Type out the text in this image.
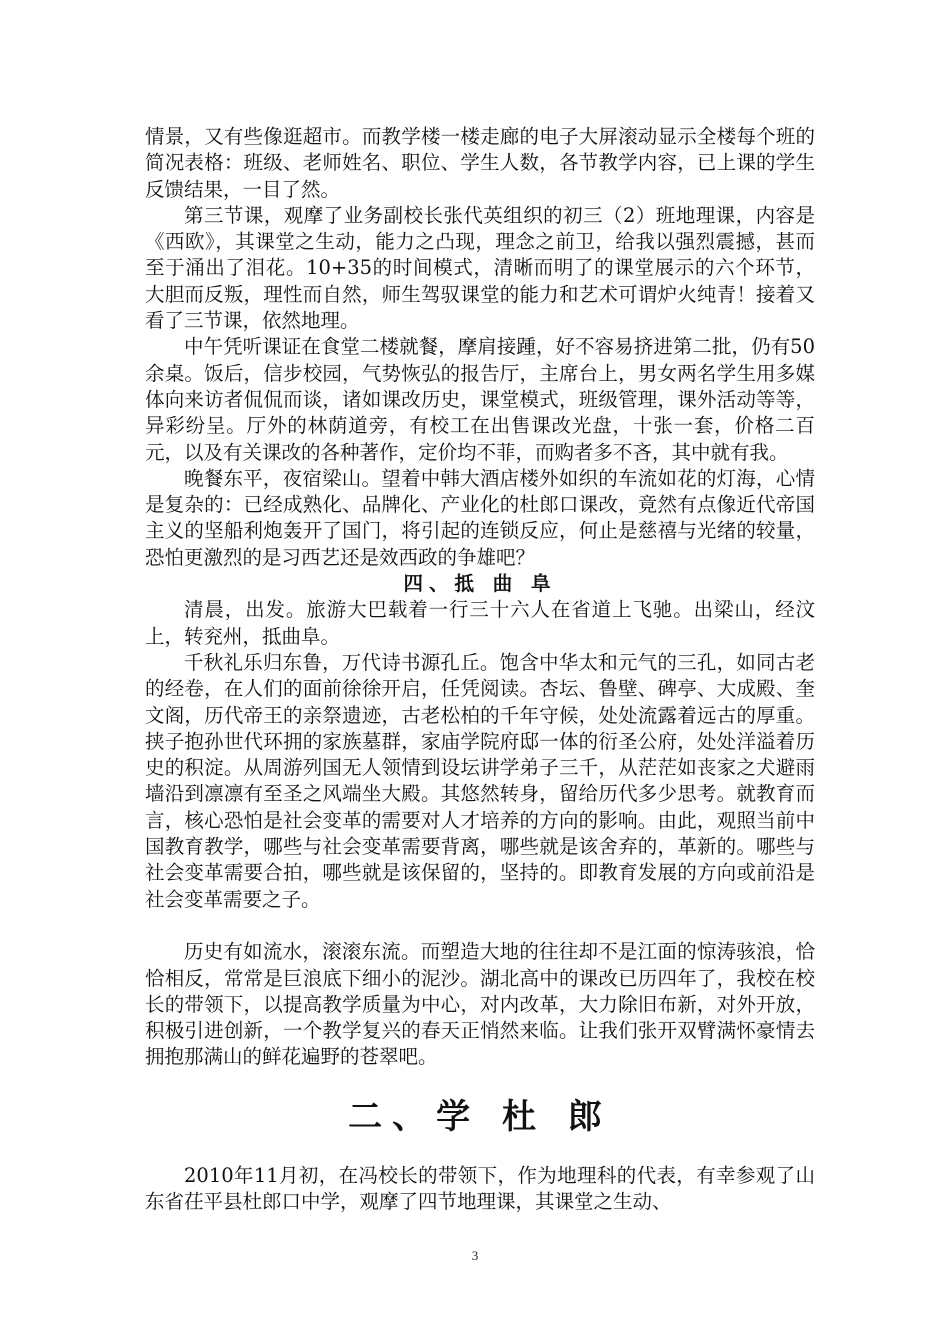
情景，又有些像逛超市。而教学楼一楼走廊的电子大屏滚动显示全楼每个班的简况表格：班级、老师姓名、职位、学生人数，各节教学内容，已上课的学生反馈结果，一目了然。

第三节课，观摩了业务副校长张代英组织的初三（2）班地理课，内容是《西欧》，其课堂之生动，能力之凸现，理念之前卫，给我以强烈震撼，甚而至于涌出了泪花。10+35的时间模式，清晰而明了的课堂展示的六个环节，大胆而反叛，理性而自然，师生驾驭课堂的能力和艺术可谓炉火纯青！接着又看了三节课，依然地理。

中午凭听课证在食堂二楼就餐，摩肩接踵，好不容易挤进第二批，仍有50余桌。饭后，信步校园，气势恢弘的报告厅，主席台上，男女两名学生用多媒体向来访者侃侃而谈，诸如课改历史，课堂模式，班级管理，课外活动等等，异彩纷呈。厅外的林荫道旁，有校工在出售课改光盘，十张一套，价格二百元，以及有关课改的各种著作，定价均不菲，而购者多不吝，其中就有我。

晚餐东平，夜宿梁山。望着中韩大酒店楼外如织的车流如花的灯海，心情是复杂的：已经成熟化、品牌化、产业化的杜郎口课改，竟然有点像近代帝国主义的坚船利炮轰开了国门，将引起的连锁反应，何止是慈禧与光绪的较量，恐怕更激烈的是习西艺还是效西政的争雄吧？

四、抵 曲 阜

清晨，出发。旅游大巴载着一行三十六人在省道上飞驰。出梁山，经汶上，转兖州，抵曲阜。

千秋礼乐归东鲁，万代诗书源孔丘。饱含中华太和元气的三孔，如同古老的经卷，在人们的面前徐徐开启，任凭阅读。杏坛、鲁壁、碑亭、大成殿、奎文阁，历代帝王的亲祭遗迹，古老松柏的千年守候，处处流露着远古的厚重。挟子抱孙世代环拥的家族墓群，家庙学院府邸一体的衍圣公府，处处洋溢着历史的积淀。从周游列国无人领情到设坛讲学弟子三千，从茫茫如丧家之犬避雨墙沿到凛凛有至圣之风端坐大殿。其悠然转身，留给历代多少思考。就教育而言，核心恐怕是社会变革的需要对人才培养的方向的影响。由此，观照当前中国教育教学，哪些与社会变革需要背离，哪些就是该舍弃的，革新的。哪些与社会变革需要合拍，哪些就是该保留的，坚持的。即教育发展的方向或前沿是社会变革需要之子。

历史有如流水，滚滚东流。而塑造大地的往往却不是江面的惊涛骇浪，恰恰相反，常常是巨浪底下细小的泥沙。湖北高中的课改已历四年了，我校在校长的带领下，以提高教学质量为中心，对内改革，大力除旧布新，对外开放，积极引进创新，一个教学复兴的春天正悄然来临。让我们张开双臂满怀豪情去拥抱那满山的鲜花遍野的苍翠吧。

二、学 杜 郎

2010年11月初，在冯校长的带领下，作为地理科的代表，有幸参观了山东省茌平县杜郎口中学，观摩了四节地理课，其课堂之生动、

3
